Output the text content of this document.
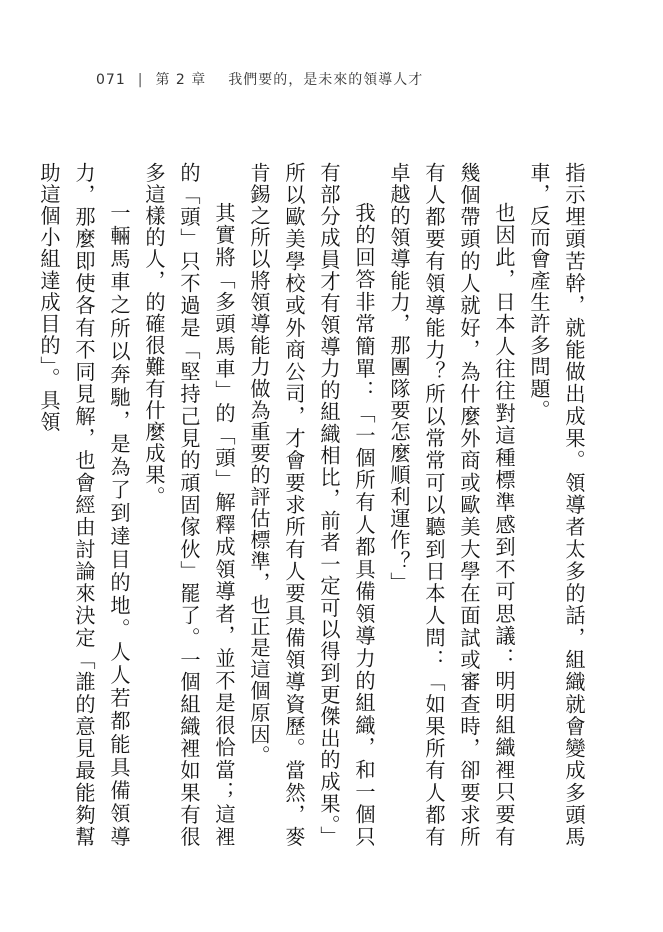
071 | 第 2 章 我們要的，是未來的領導人才

指示埋頭苦幹，就能做出成果。領導者太多的話，組織就會變成多頭馬車，反而會產生許多問題。

也因此，日本人往往對這種標準感到不可思議：明明組織裡只要有幾個帶頭的人就好，為什麼外商或歐美大學在面試或審查時，卻要求所有人都要有領導能力？所以常常可以聽到日本人問：「如果所有人都有卓越的領導能力，那團隊要怎麼順利運作？」

我的回答非常簡單：「一個所有人都具備領導力的組織，和一個只有部分成員才有領導力的組織相比，前者一定可以得到更傑出的成果。」所以歐美學校或外商公司，才會要求所有人要具備領導資歷。當然，麥肯錫之所以將領導能力做為重要的評估標準，也正是這個原因。

其實將「多頭馬車」的「頭」解釋成領導者，並不是很恰當；這裡的「頭」只不過是「堅持己見的頑固傢伙」罷了。一個組織裡如果有很多這樣的人，的確很難有什麼成果。

一輛馬車之所以奔馳，是為了到達目的地。人人若都能具備領導力，那麼即使各有不同見解，也會經由討論來決定「誰的意見最能夠幫助這個小組達成目的」。具領
